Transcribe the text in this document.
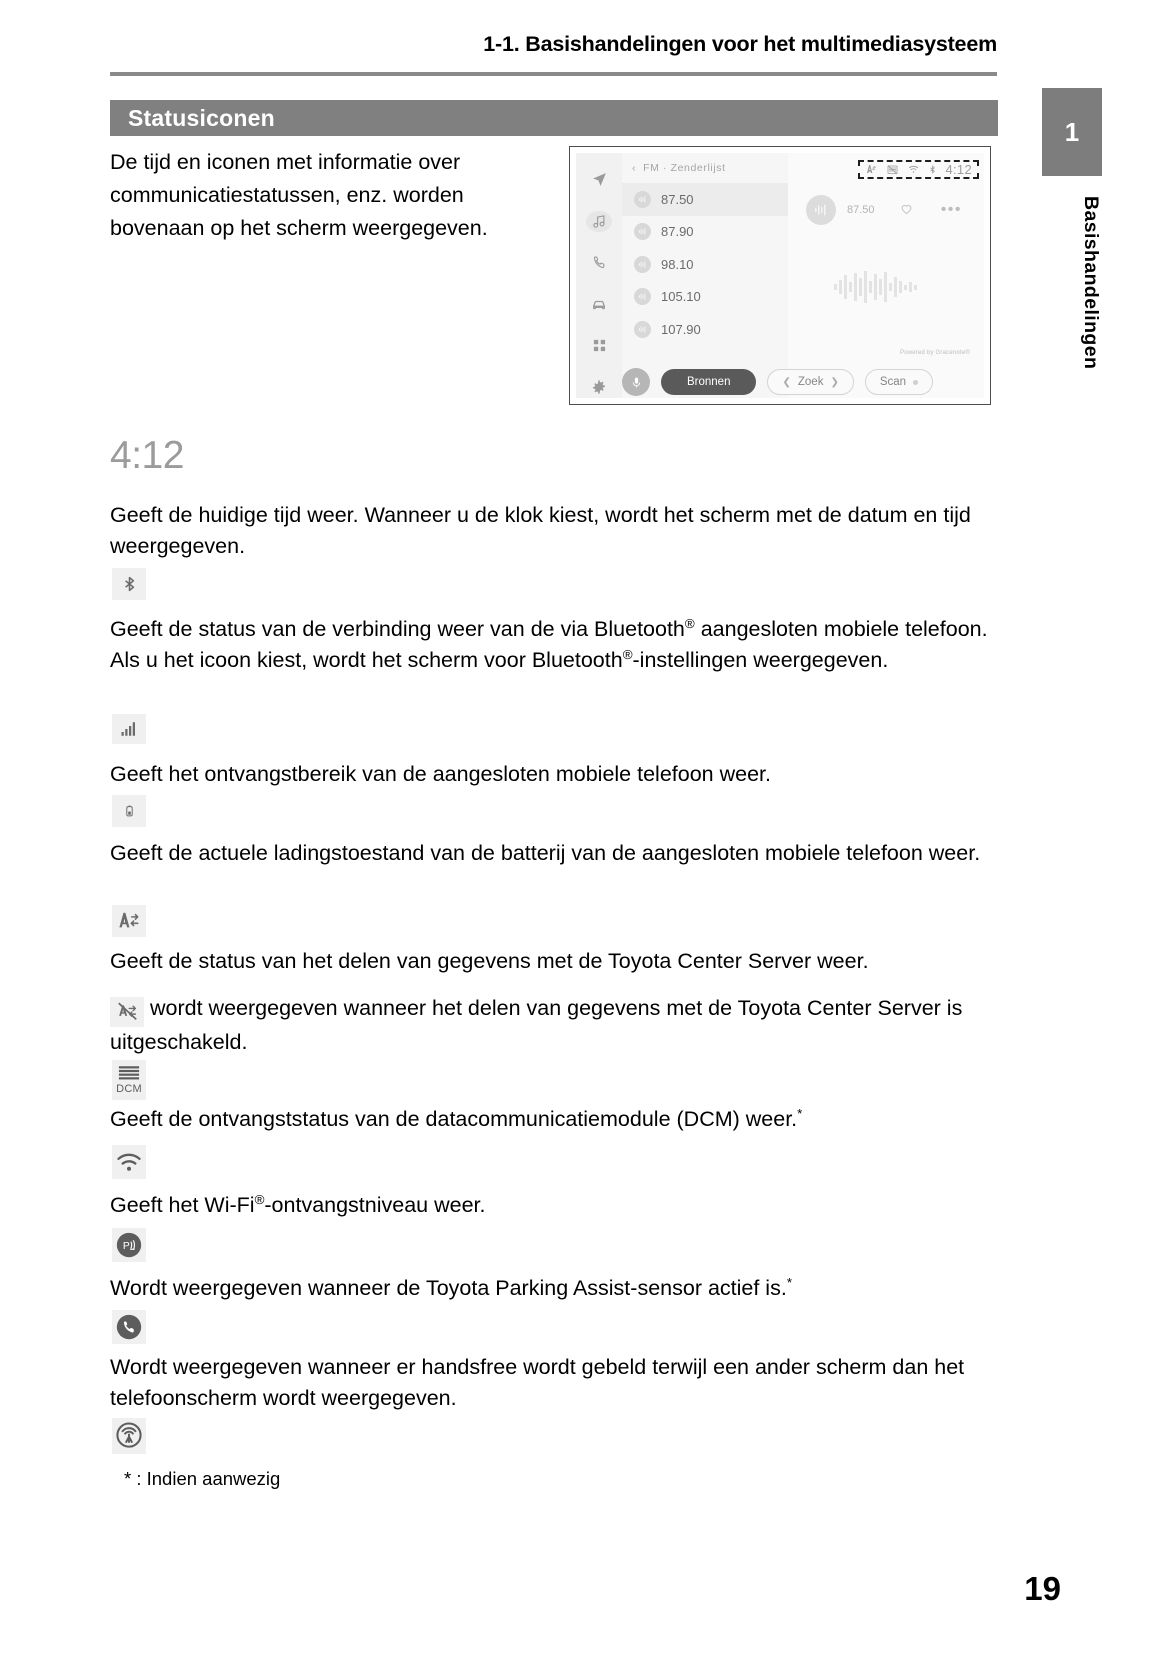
1-1. Basishandelingen voor het multimediasysteem
1
Basishandelingen
Statusiconen
De tijd en iconen met informatie over communicatiestatussen, enz. worden bovenaan op het scherm weergegeven.
‹ FM · Zenderlijst
87.50
87.90
98.10
105.10
107.90
4:12
87.50	•••
Powered by Gracenote®
Bronnen	❮ Zoek ❯	Scan
4:12
Geeft de huidige tijd weer. Wanneer u de klok kiest, wordt het scherm met de datum en tijd weergegeven.
Geeft de status van de verbinding weer van de via Bluetooth® aangesloten mobiele telefoon. Als u het icoon kiest, wordt het scherm voor Bluetooth®-instellingen weergegeven.
Geeft het ontvangstbereik van de aangesloten mobiele telefoon weer.
Geeft de actuele ladingstoestand van de batterij van de aangesloten mobiele telefoon weer.
Geeft de status van het delen van gegevens met de Toyota Center Server weer.
wordt weergegeven wanneer het delen van gegevens met de Toyota Center Server is uitgeschakeld.
DCM
Geeft de ontvangststatus van de datacommunicatiemodule (DCM) weer.*
Geeft het Wi-Fi®-ontvangstniveau weer.
P
Wordt weergegeven wanneer de Toyota Parking Assist-sensor actief is.*
Wordt weergegeven wanneer er handsfree wordt gebeld terwijl een ander scherm dan het telefoonscherm wordt weergegeven.
* : Indien aanwezig
19
